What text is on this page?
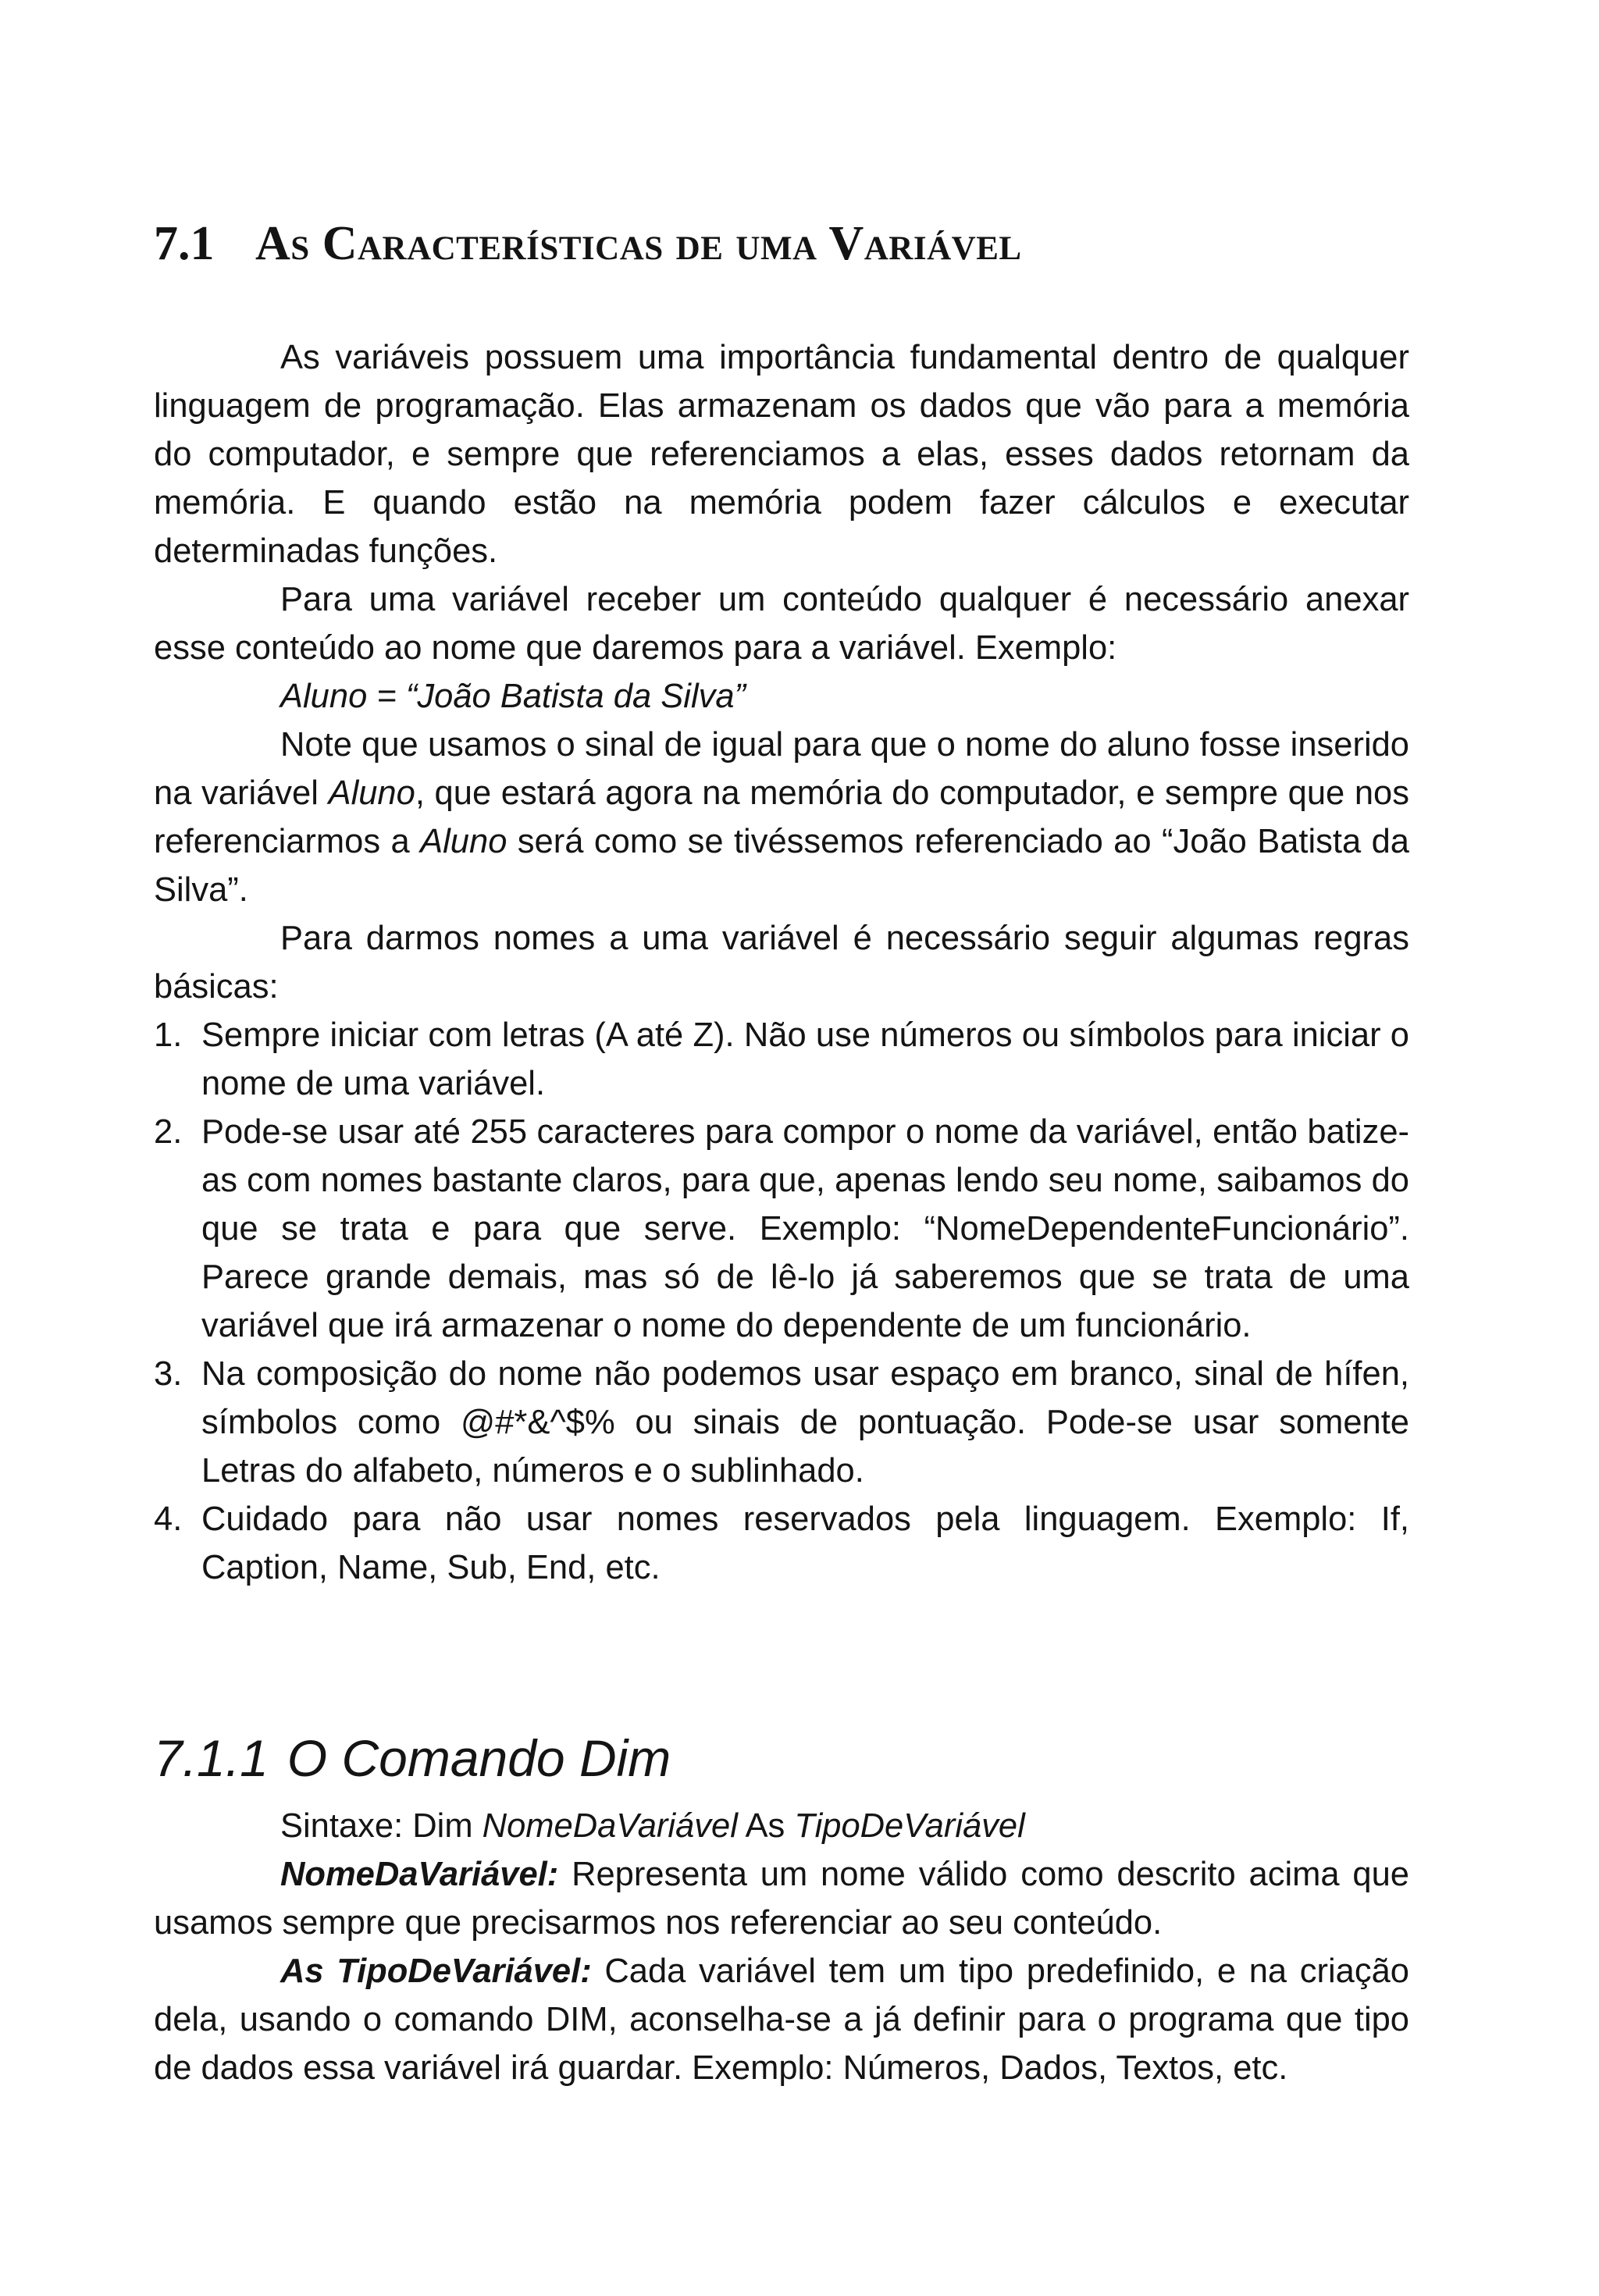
7.1 As Características de uma Variável

As variáveis possuem uma importância fundamental dentro de qualquer linguagem de programação. Elas armazenam os dados que vão para a memória do computador, e sempre que referenciamos a elas, esses dados retornam da memória. E quando estão na memória podem fazer cálculos e executar determinadas funções.

Para uma variável receber um conteúdo qualquer é necessário anexar esse conteúdo ao nome que daremos para a variável. Exemplo:

Aluno = “João Batista da Silva”

Note que usamos o sinal de igual para que o nome do aluno fosse inserido na variável Aluno, que estará agora na memória do computador, e sempre que nos referenciarmos a Aluno será como se tivéssemos referenciado ao “João Batista da Silva”.

Para darmos nomes a uma variável é necessário seguir algumas regras básicas:

1. Sempre iniciar com letras (A até Z). Não use números ou símbolos para iniciar o nome de uma variável.
2. Pode-se usar até 255 caracteres para compor o nome da variável, então batize-as com nomes bastante claros, para que, apenas lendo seu nome, saibamos do que se trata e para que serve. Exemplo: “NomeDependenteFuncionário”. Parece grande demais, mas só de lê-lo já saberemos que se trata de uma variável que irá armazenar o nome do dependente de um funcionário.
3. Na composição do nome não podemos usar espaço em branco, sinal de hífen, símbolos como @#*&^$% ou sinais de pontuação. Pode-se usar somente Letras do alfabeto, números e o sublinhado.
4. Cuidado para não usar nomes reservados pela linguagem. Exemplo: If, Caption, Name, Sub, End, etc.
7.1.1 O Comando Dim

Sintaxe: Dim NomeDaVariável As TipoDeVariável

NomeDaVariável: Representa um nome válido como descrito acima que usamos sempre que precisarmos nos referenciar ao seu conteúdo.

As TipoDeVariável: Cada variável tem um tipo predefinido, e na criação dela, usando o comando DIM, aconselha-se a já definir para o programa que tipo de dados essa variável irá guardar. Exemplo: Números, Dados, Textos, etc.
